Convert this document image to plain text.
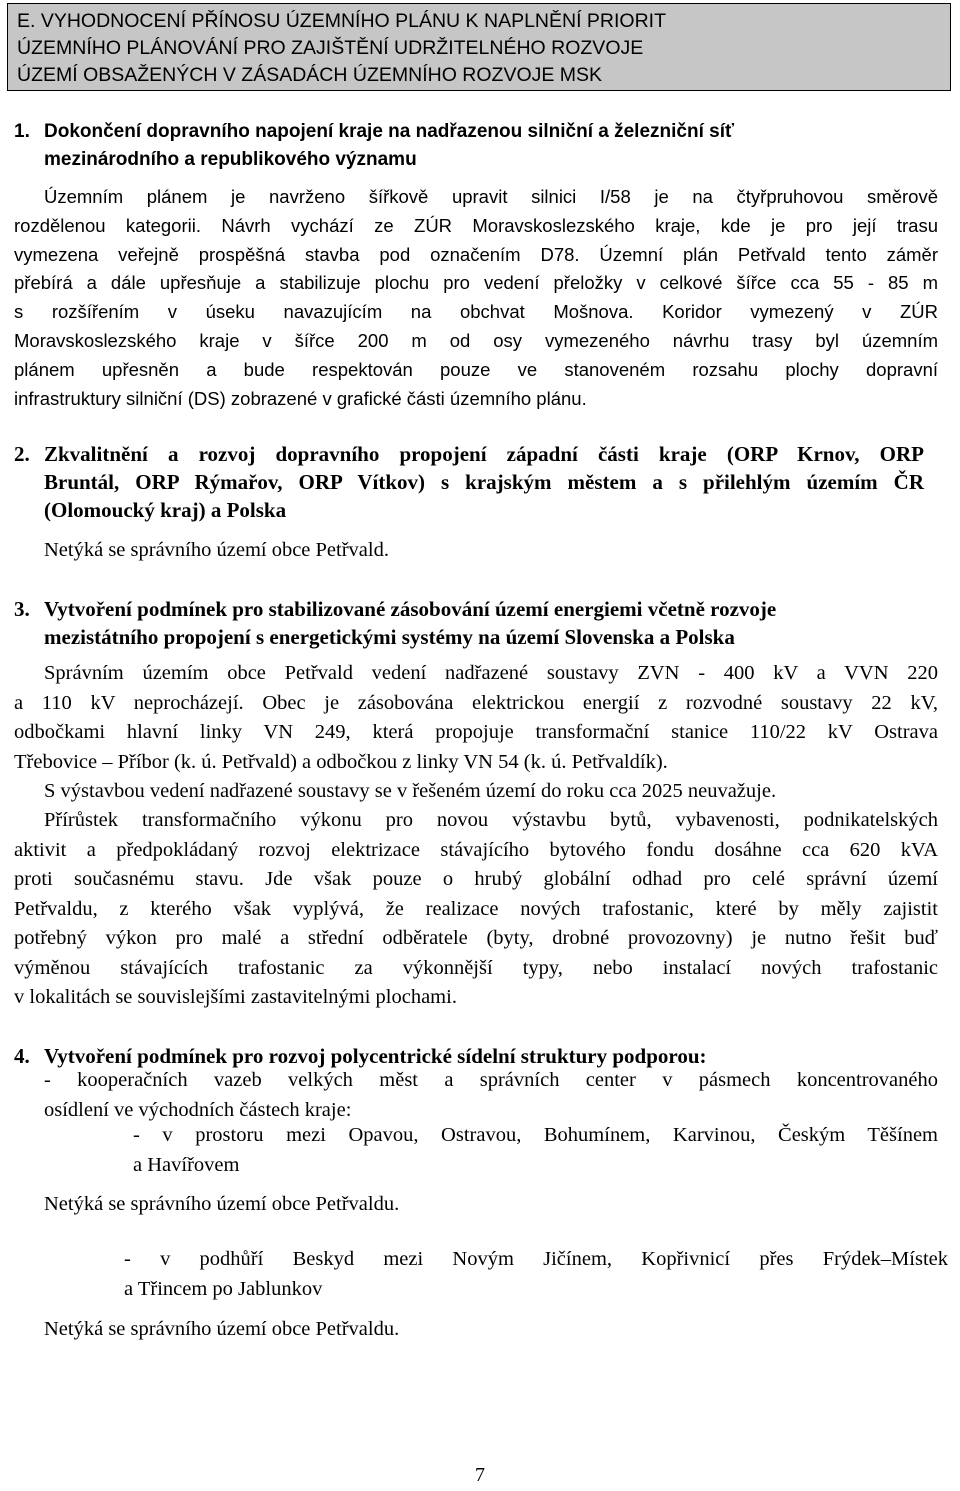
E. VYHODNOCENÍ PŘÍNOSU ÚZEMNÍHO PLÁNU K NAPLNĚNÍ PRIORIT
ÚZEMNÍHO PLÁNOVÁNÍ PRO ZAJIŠTĚNÍ UDRŽITELNÉHO ROZVOJE
ÚZEMÍ OBSAŽENÝCH V ZÁSADÁCH ÚZEMNÍHO ROZVOJE MSK
1. Dokončení dopravního napojení kraje na nadřazenou silniční a železniční síť
mezinárodního a republikového významu
Územním plánem je navrženo šířkově upravit silnici I/58 je na čtyřpruhovou směrově
rozdělenou kategorii. Návrh vychází ze ZÚR Moravskoslezského kraje, kde je pro její trasu
vymezena veřejně prospěšná stavba pod označením D78. Územní plán Petřvald tento záměr
přebírá a dále upřesňuje a stabilizuje plochu pro vedení přeložky v celkové šířce cca 55 - 85 m
s rozšířením v úseku navazujícím na obchvat Mošnova. Koridor vymezený v ZÚR
Moravskoslezského kraje v šířce 200 m od osy vymezeného návrhu trasy byl územním
plánem upřesněn a bude respektován pouze ve stanoveném rozsahu plochy dopravní
infrastruktury silniční (DS) zobrazené v grafické části územního plánu.
2. Zkvalitnění a rozvoj dopravního propojení západní části kraje (ORP Krnov, ORP
Bruntál, ORP Rýmařov, ORP Vítkov) s krajským městem a s přilehlým územím ČR
(Olomoucký kraj) a Polska
Netýká se správního území obce Petřvald.
3. Vytvoření podmínek pro stabilizované zásobování území energiemi včetně rozvoje
mezistátního propojení s energetickými systémy na území Slovenska a Polska
Správním územím obce Petřvald vedení nadřazené soustavy ZVN - 400 kV a VVN 220
a 110 kV neprocházejí. Obec je zásobována elektrickou energií z rozvodné soustavy 22 kV,
odbočkami hlavní linky VN 249, která propojuje transformační stanice 110/22 kV Ostrava
Třebovice – Příbor (k. ú. Petřvald) a odbočkou z linky VN 54 (k. ú. Petřvaldík).
S výstavbou vedení nadřazené soustavy se v řešeném území do roku cca 2025 neuvažuje.
Přírůstek transformačního výkonu pro novou výstavbu bytů, vybavenosti, podnikatelských
aktivit a předpokládaný rozvoj elektrizace stávajícího bytového fondu dosáhne cca 620 kVA
proti současnému stavu. Jde však pouze o hrubý globální odhad pro celé správní území
Petřvaldu, z kterého však vyplývá, že realizace nových trafostanic, které by měly zajistit
potřebný výkon pro malé a střední odběratele (byty, drobné provozovny) je nutno řešit buď
výměnou stávajících trafostanic za výkonnější typy, nebo instalací nových trafostanic
v lokalitách se souvislejšími zastavitelnými plochami.
4. Vytvoření podmínek pro rozvoj polycentrické sídelní struktury podporou:
- kooperačních vazeb velkých měst a správních center v pásmech koncentrovaného
osídlení ve východních částech kraje:
- v prostoru mezi Opavou, Ostravou, Bohumínem, Karvinou, Českým Těšínem
a Havířovem
Netýká se správního území obce Petřvaldu.
- v podhůří Beskyd mezi Novým Jičínem, Kopřivnicí přes Frýdek–Místek
a Třincem po Jablunkov
Netýká se správního území obce Petřvaldu.
7
